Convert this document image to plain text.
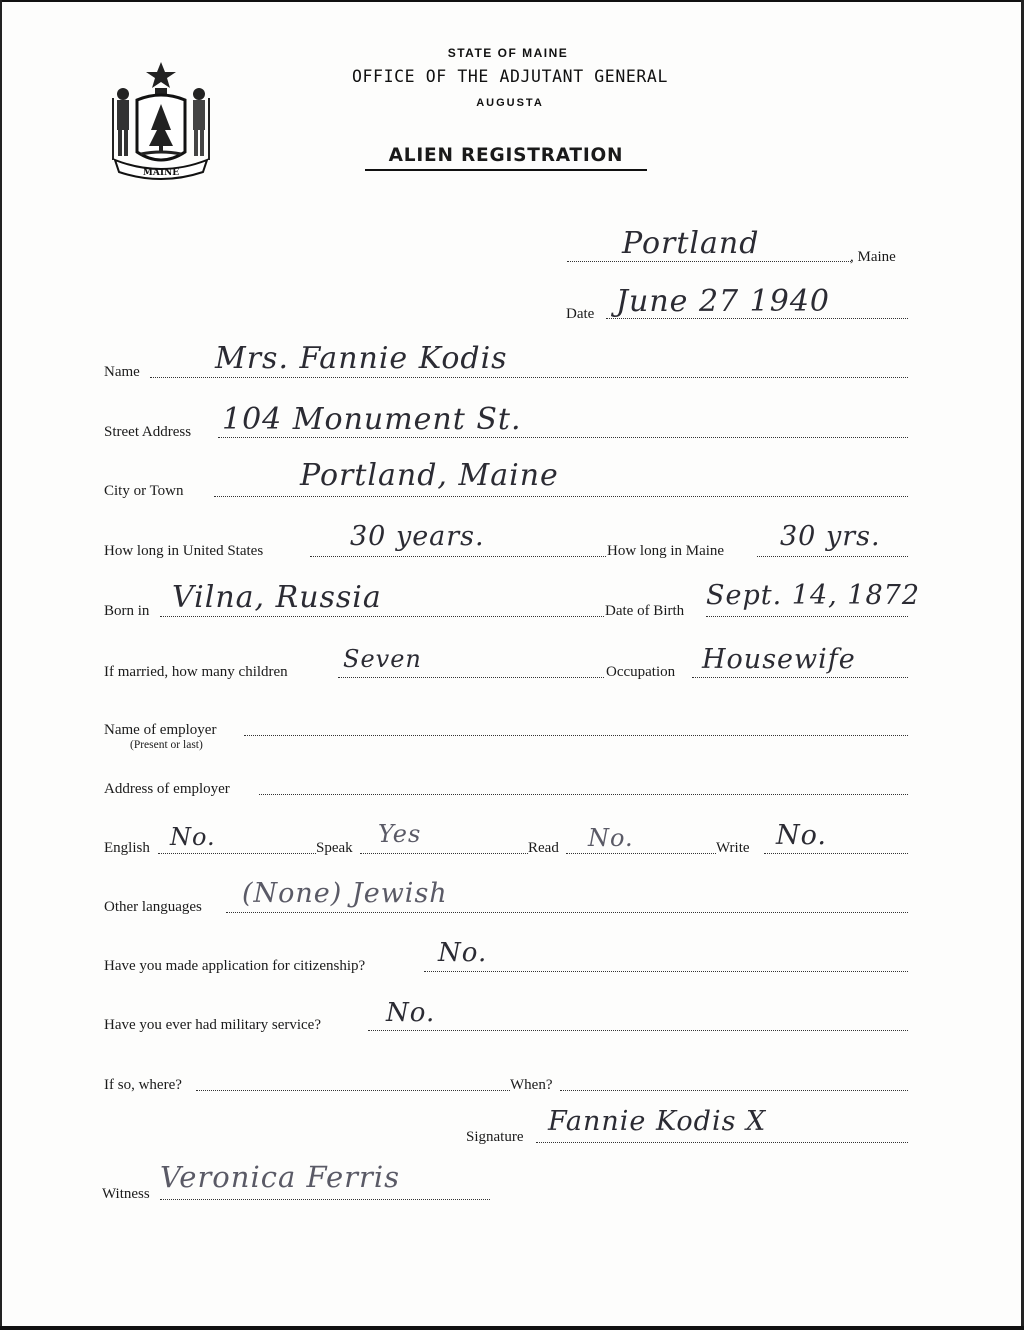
MAINE
STATE OF MAINE
OFFICE OF THE ADJUTANT GENERAL
AUGUSTA
ALIEN REGISTRATION
Portland	, Maine
Date June 27 1940
Name	Mrs. Fannie Kodis
Street Address 104 Monument St.
City or Town	Portland, Maine
How long in United States	30 years.	How long in Maine 30 yrs.
Born in Vilna, Russia	Date of Birth Sept. 14, 1872
If married, how many children Seven	Occupation Housewife
Name of employer
(Present or last)
Address of employer
English No.	Speak Yes	Read No.	Write No.
Other languages (None) Jewish
Have you made application for citizenship?	No.
Have you ever had military service?	No.
If so, where?	When?
Signature Fannie Kodis X
Witness Veronica Ferris
